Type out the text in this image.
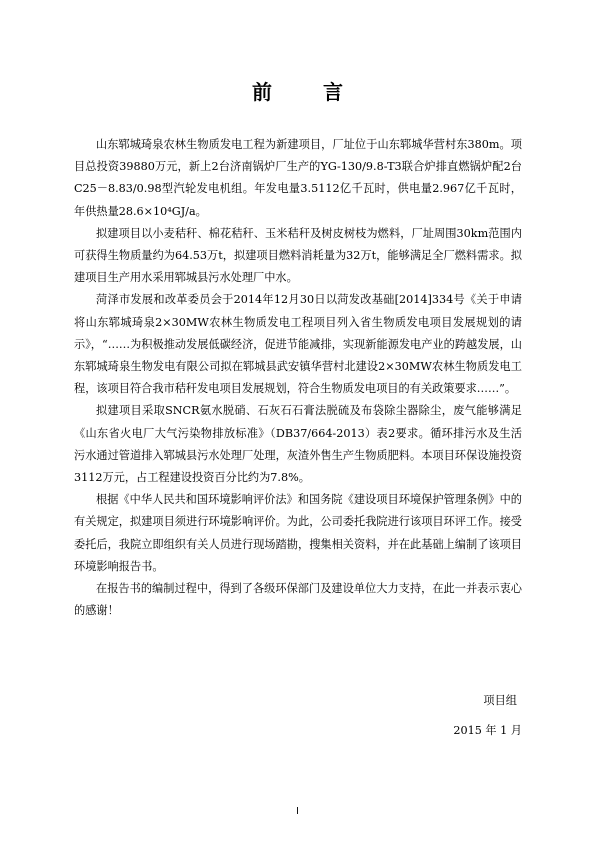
前 言

山东郓城琦泉农林生物质发电工程为新建项目，厂址位于山东郓城华营村东380m。项目总投资39880万元，新上2台济南锅炉厂生产的YG-130/9.8-T3联合炉排直燃锅炉配2台C25－8.83/0.98型汽轮发电机组。年发电量3.5112亿千瓦时，供电量2.967亿千瓦时，年供热量28.6×10⁴GJ/a。

拟建项目以小麦秸秆、棉花秸秆、玉米秸秆及树皮树枝为燃料，厂址周围30km范围内可获得生物质量约为64.53万t，拟建项目燃料消耗量为32万t，能够满足全厂燃料需求。拟建项目生产用水采用郓城县污水处理厂中水。

菏泽市发展和改革委员会于2014年12月30日以菏发改基础[2014]334号《关于申请将山东郓城琦泉2×30MW农林生物质发电工程项目列入省生物质发电项目发展规划的请示》，“……为积极推动发展低碳经济，促进节能减排，实现新能源发电产业的跨越发展，山东郓城琦泉生物发电有限公司拟在郓城县武安镇华营村北建设2×30MW农林生物质发电工程，该项目符合我市秸秆发电项目发展规划，符合生物质发电项目的有关政策要求……”。

拟建项目采取SNCR氨水脱硝、石灰石石膏法脱硫及布袋除尘器除尘，废气能够满足《山东省火电厂大气污染物排放标准》（DB37/664-2013）表2要求。循环排污水及生活污水通过管道排入郓城县污水处理厂处理，灰渣外售生产生物质肥料。本项目环保设施投资3112万元，占工程建设投资百分比约为7.8%。

根据《中华人民共和国环境影响评价法》和国务院《建设项目环境保护管理条例》中的有关规定，拟建项目须进行环境影响评价。为此，公司委托我院进行该项目环评工作。接受委托后，我院立即组织有关人员进行现场踏勘，搜集相关资料，并在此基础上编制了该项目环境影响报告书。

在报告书的编制过程中，得到了各级环保部门及建设单位大力支持，在此一并表示衷心的感谢！

项目组
2015 年 1 月
I
